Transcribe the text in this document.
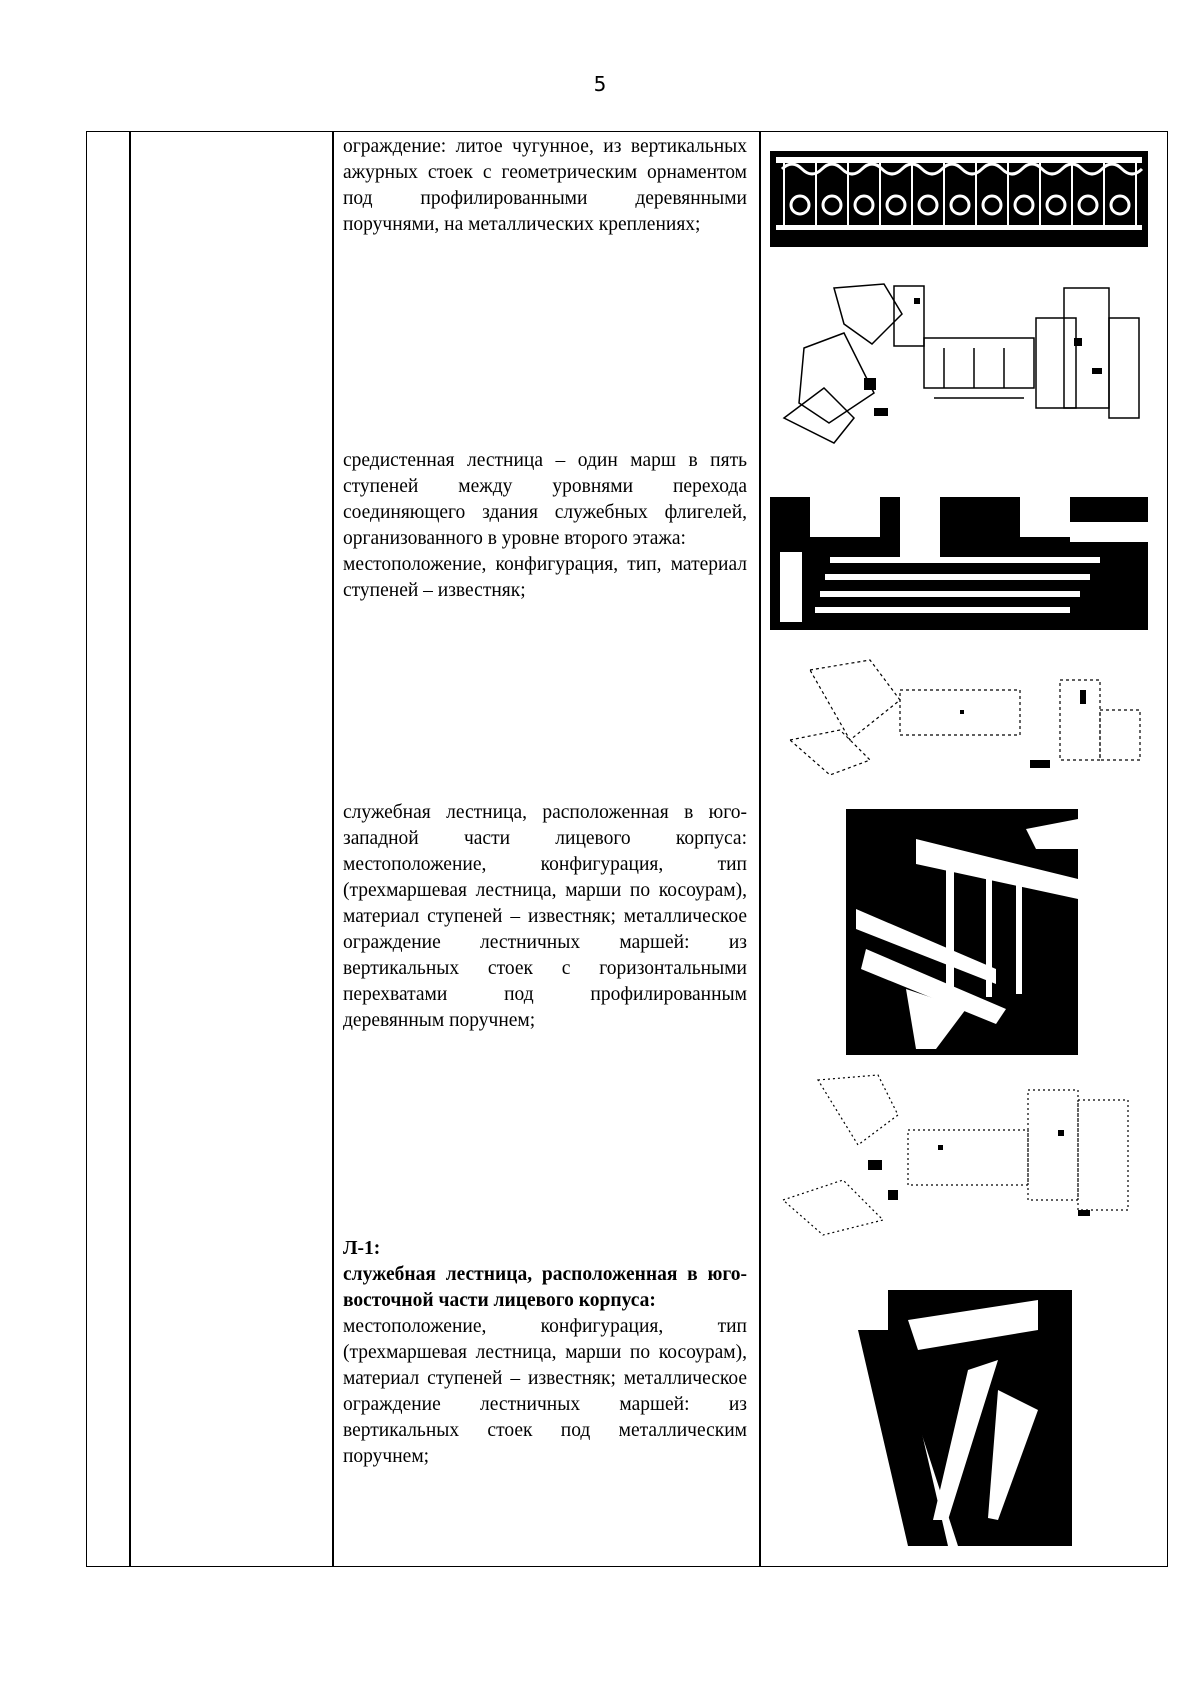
5

ограждение: литое чугунное, из вертикальных ажурных стоек с геометрическим орнаментом под профилированными деревянными поручнями, на металлических креплениях;

средистенная лестница – один марш в пять ступеней между уровнями перехода соединяющего здания служебных флигелей, организованного в уровне второго этажа:

местоположение, конфигурация, тип, материал ступеней – известняк;

служебная лестница, расположенная в юго-западной части лицевого корпуса: местоположение, конфигурация, тип (трехмаршевая лестница, марши по косоурам), материал ступеней – известняк; металлическое ограждение лестничных маршей: из вертикальных стоек с горизонтальными перехватами под профилированным деревянным поручнем;

Л-1:

служебная лестница, расположенная в юго-восточной части лицевого корпуса:

местоположение, конфигурация, тип (трехмаршевая лестница, марши по косоурам), материал ступеней – известняк; металлическое ограждение лестничных маршей: из вертикальных стоек под металлическим поручнем;
